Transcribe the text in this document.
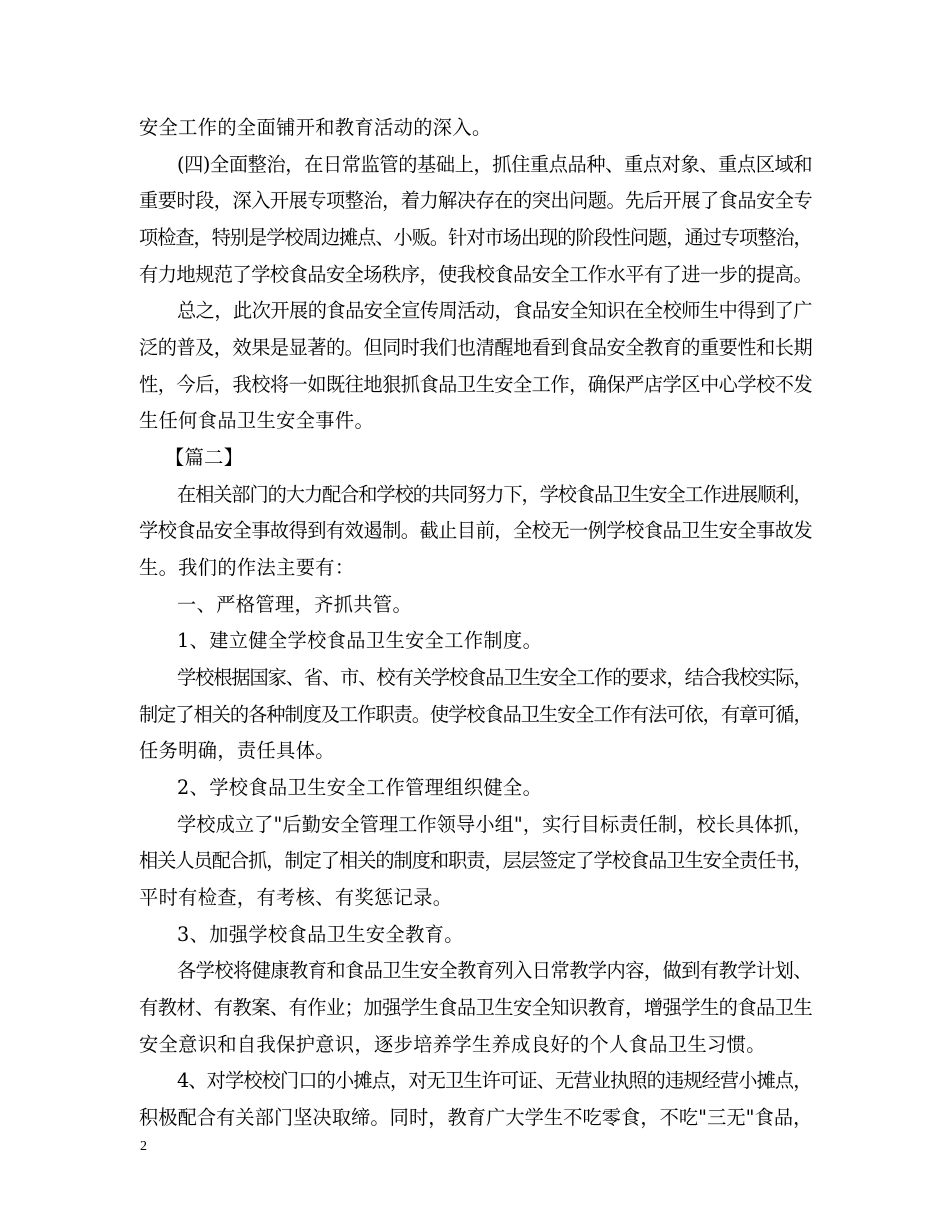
安全工作的全面铺开和教育活动的深入。
(四)全面整治，在日常监管的基础上，抓住重点品种、重点对象、重点区域和
重要时段，深入开展专项整治，着力解决存在的突出问题。先后开展了食品安全专
项检查，特别是学校周边摊点、小贩。针对市场出现的阶段性问题，通过专项整治，
有力地规范了学校食品安全场秩序，使我校食品安全工作水平有了进一步的提高。
总之，此次开展的食品安全宣传周活动，食品安全知识在全校师生中得到了广
泛的普及，效果是显著的。但同时我们也清醒地看到食品安全教育的重要性和长期
性，今后，我校将一如既往地狠抓食品卫生安全工作，确保严店学区中心学校不发
生任何食品卫生安全事件。
【篇二】
在相关部门的大力配合和学校的共同努力下，学校食品卫生安全工作进展顺利，
学校食品安全事故得到有效遏制。截止目前，全校无一例学校食品卫生安全事故发
生。我们的作法主要有：
一、严格管理，齐抓共管。
1、建立健全学校食品卫生安全工作制度。
学校根据国家、省、市、校有关学校食品卫生安全工作的要求，结合我校实际，
制定了相关的各种制度及工作职责。使学校食品卫生安全工作有法可依，有章可循，
任务明确，责任具体。
2、学校食品卫生安全工作管理组织健全。
学校成立了"后勤安全管理工作领导小组"，实行目标责任制，校长具体抓，
相关人员配合抓，制定了相关的制度和职责，层层签定了学校食品卫生安全责任书，
平时有检查，有考核、有奖惩记录。
3、加强学校食品卫生安全教育。
各学校将健康教育和食品卫生安全教育列入日常教学内容，做到有教学计划、
有教材、有教案、有作业；加强学生食品卫生安全知识教育，增强学生的食品卫生
安全意识和自我保护意识，逐步培养学生养成良好的个人食品卫生习惯。
4、对学校校门口的小摊点，对无卫生许可证、无营业执照的违规经营小摊点，
积极配合有关部门坚决取缔。同时，教育广大学生不吃零食，不吃"三无"食品，
2
